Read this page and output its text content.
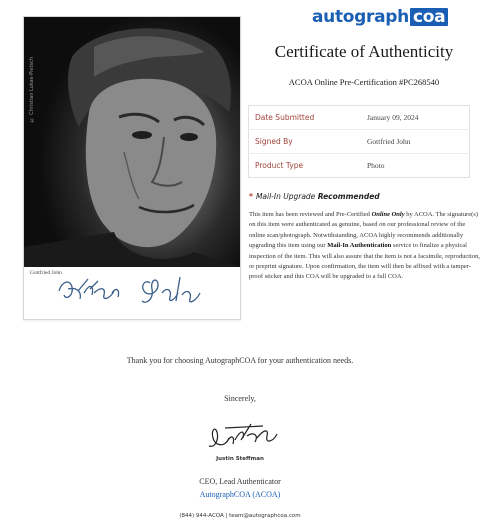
autograph coa
© Christian Lukas-Pietsch
Gottfried John
Certificate of Authenticity
ACOA Online Pre-Certification #PC268540
Date Submitted	January 09, 2024
Signed By	Gottfried John
Product Type	Photo
* Mail-In Upgrade Recommended
This item has been reviewed and Pre-Certified Online Only by ACOA. The signature(s) on this item were authenticated as genuine, based on our professional review of the online scan/photograph. Notwithstanding, ACOA highly recommends additionally upgrading this item using our Mail-In Authentication service to finalize a physical inspection of the item. This will also assure that the item is not a facsimile, reproduction, or preprint signature. Upon confirmation, the item will then be affixed with a tamper-proof sticker and this COA will be upgraded to a full COA.
Thank you for choosing AutographCOA for your authentication needs.
Sincerely,
Justin Steffman
CEO, Lead Authenticator
AutographCOA (ACOA)
(844) 944-ACOA | team@autographcoa.com
